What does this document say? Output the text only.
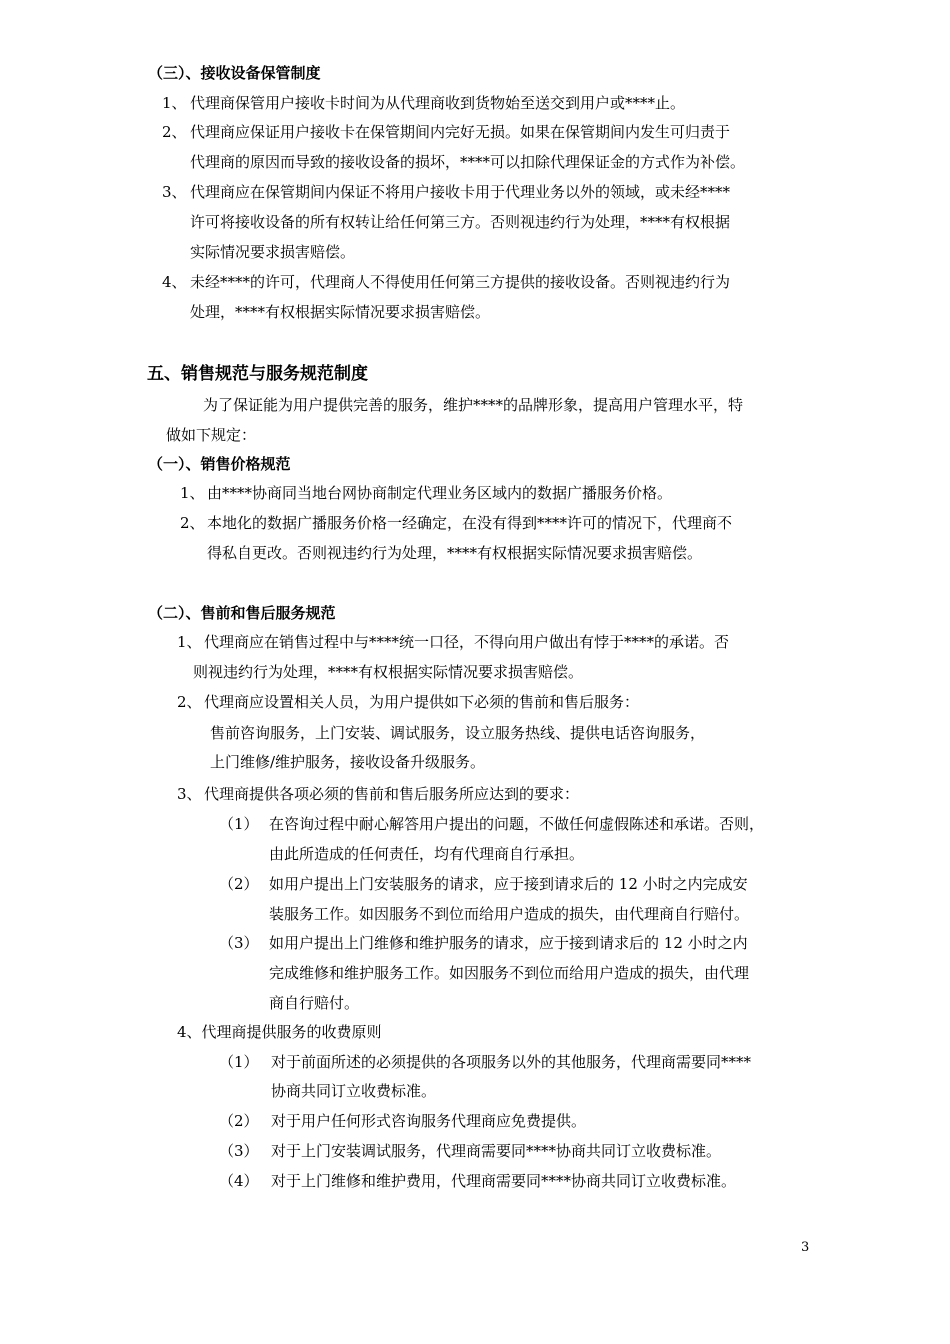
（三）、接收设备保管制度
1、 代理商保管用户接收卡时间为从代理商收到货物始至送交到用户或****止。
2、 代理商应保证用户接收卡在保管期间内完好无损。如果在保管期间内发生可归责于
代理商的原因而导致的接收设备的损坏，****可以扣除代理保证金的方式作为补偿。
3、 代理商应在保管期间内保证不将用户接收卡用于代理业务以外的领域，或未经****
许可将接收设备的所有权转让给任何第三方。否则视违约行为处理，****有权根据
实际情况要求损害赔偿。
4、 未经****的许可，代理商人不得使用任何第三方提供的接收设备。否则视违约行为
处理，****有权根据实际情况要求损害赔偿。
五、销售规范与服务规范制度
为了保证能为用户提供完善的服务，维护****的品牌形象，提高用户管理水平，特
做如下规定：
（一）、销售价格规范
1、 由****协商同当地台网协商制定代理业务区域内的数据广播服务价格。
2、 本地化的数据广播服务价格一经确定，在没有得到****许可的情况下，代理商不
得私自更改。否则视违约行为处理，****有权根据实际情况要求损害赔偿。
（二）、售前和售后服务规范
1、 代理商应在销售过程中与****统一口径，不得向用户做出有悖于****的承诺。否
则视违约行为处理，****有权根据实际情况要求损害赔偿。
2、 代理商应设置相关人员，为用户提供如下必须的售前和售后服务：
售前咨询服务，上门安装、调试服务，设立服务热线、提供电话咨询服务，
上门维修/维护服务，接收设备升级服务。
3、 代理商提供各项必须的售前和售后服务所应达到的要求：
（1） 在咨询过程中耐心解答用户提出的问题，不做任何虚假陈述和承诺。否则，
由此所造成的任何责任，均有代理商自行承担。
（2） 如用户提出上门安装服务的请求，应于接到请求后的 12 小时之内完成安
装服务工作。如因服务不到位而给用户造成的损失，由代理商自行赔付。
（3） 如用户提出上门维修和维护服务的请求，应于接到请求后的 12 小时之内
完成维修和维护服务工作。如因服务不到位而给用户造成的损失，由代理
商自行赔付。
4、代理商提供服务的收费原则
（1） 对于前面所述的必须提供的各项服务以外的其他服务，代理商需要同****
协商共同订立收费标准。
（2） 对于用户任何形式咨询服务代理商应免费提供。
（3） 对于上门安装调试服务，代理商需要同****协商共同订立收费标准。
（4） 对于上门维修和维护费用，代理商需要同****协商共同订立收费标准。
3
